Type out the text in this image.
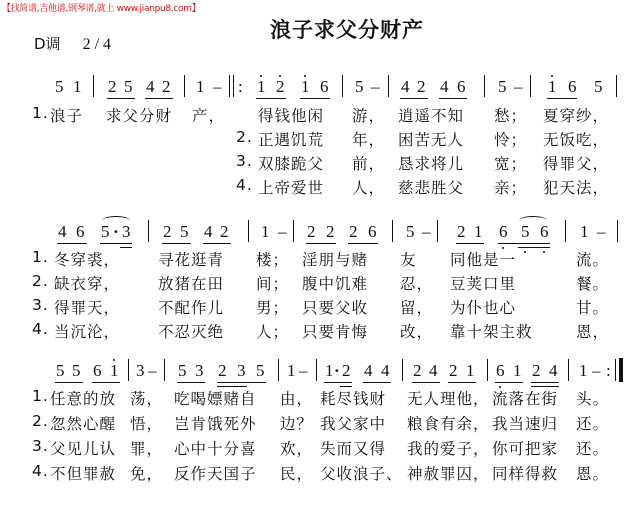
【找简谱,吉他谱,钢琴谱,就上 www.jianpu8.com】
浪子求父分财产
D调 2 / 4
5 1 2 5 4 2 1 – : 1 2 1 6 5 – 4 2 4 6 5 – 1 6 5
1. 浪子 求父分财 产， 得钱他闲 游， 逍遥不知 愁； 夏穿纱，
2. 正遇饥荒 年， 困苦无人 怜； 无饭吃，
3. 双膝跪父 前， 恳求将儿 宽； 得罪父，
4. 上帝爱世 人， 慈悲胜父 亲； 犯天法，
4 6 5 · 3 2 5 4 2 1 – 2 2 2 6 5 – 2 1 6 5 6 1 –
1. 冬穿裘， 寻花逛青 楼； 淫朋与赌 友 同他是一	流。
2. 缺衣穿， 放猪在田 间； 腹中饥难 忍， 豆荚口里	餐。
3. 得罪天， 不配作儿 男； 只要父收 留， 为仆也心	甘。
4. 当沉沦， 不忍灭绝 人； 只要肯悔 改， 靠十架主救	恩，
5 5 6 1 3 – 5 3 2 3 5 1 – 1 · 2 4 4 2 4 2 1 6 1 2 4 1 – :
1. 任意的放 荡， 吃喝嫖赌自 由， 耗尽钱财 无人理他， 流落在街 头。
2. 忽然心醒 悟， 岂肯饿死外 边？ 我父家中 粮食有余， 我当速归 还。
3. 父见儿认 罪， 心中十分喜 欢， 失而又得 我的爱子， 你可把家 还。
4. 不但罪赦 免， 反作天国子 民， 父收浪子、 神赦罪囚， 同样得救 恩。
